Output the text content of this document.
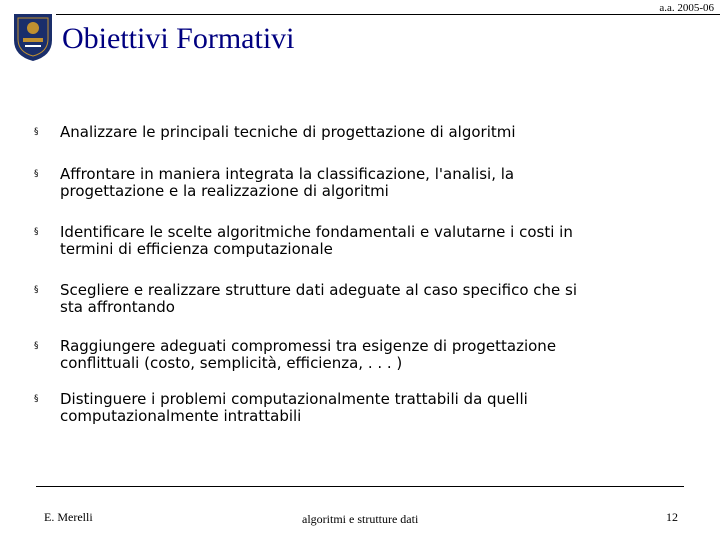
a.a. 2005-06
Obiettivi Formativi
§	Analizzare le principali tecniche di progettazione di algoritmi
§	Affrontare in maniera integrata la classificazione, l'analisi, la
progettazione e la realizzazione di algoritmi
§	Identificare le scelte algoritmiche fondamentali e valutarne i costi in
termini di efficienza computazionale
§	Scegliere e realizzare strutture dati adeguate al caso specifico che si
sta affrontando
§	Raggiungere adeguati compromessi tra esigenze di progettazione
conflittuali (costo, semplicità, efficienza, . . . )
§	Distinguere i problemi computazionalmente trattabili da quelli
computazionalmente intrattabili
E. Merelli	algoritmi e strutture dati	12
